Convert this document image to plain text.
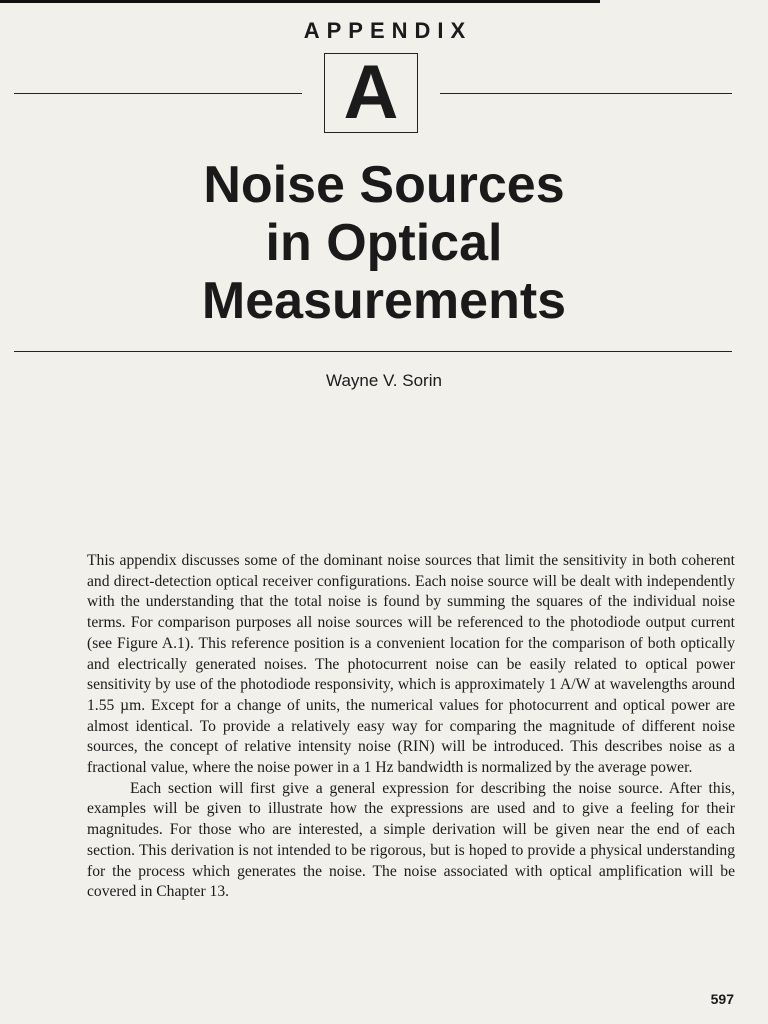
APPENDIX
A
Noise Sources
in Optical
Measurements
Wayne V. Sorin

This appendix discusses some of the dominant noise sources that limit the sensitivity in both coherent and direct-detection optical receiver configurations. Each noise source will be dealt with independently with the understanding that the total noise is found by summing the squares of the individual noise terms. For comparison purposes all noise sources will be referenced to the photodiode output current (see Figure A.1). This reference position is a convenient location for the comparison of both optically and electrically generated noises. The photocurrent noise can be easily related to optical power sensitivity by use of the photodiode responsivity, which is approximately 1 A/W at wavelengths around 1.55 µm. Except for a change of units, the numerical values for photocurrent and optical power are almost identical. To provide a relatively easy way for comparing the magnitude of different noise sources, the concept of relative intensity noise (RIN) will be introduced. This describes noise as a fractional value, where the noise power in a 1 Hz bandwidth is normalized by the average power.

Each section will first give a general expression for describing the noise source. After this, examples will be given to illustrate how the expressions are used and to give a feeling for their magnitudes. For those who are interested, a simple derivation will be given near the end of each section. This derivation is not intended to be rigorous, but is hoped to provide a physical understanding for the process which generates the noise. The noise associated with optical amplification will be covered in Chapter 13.

597
